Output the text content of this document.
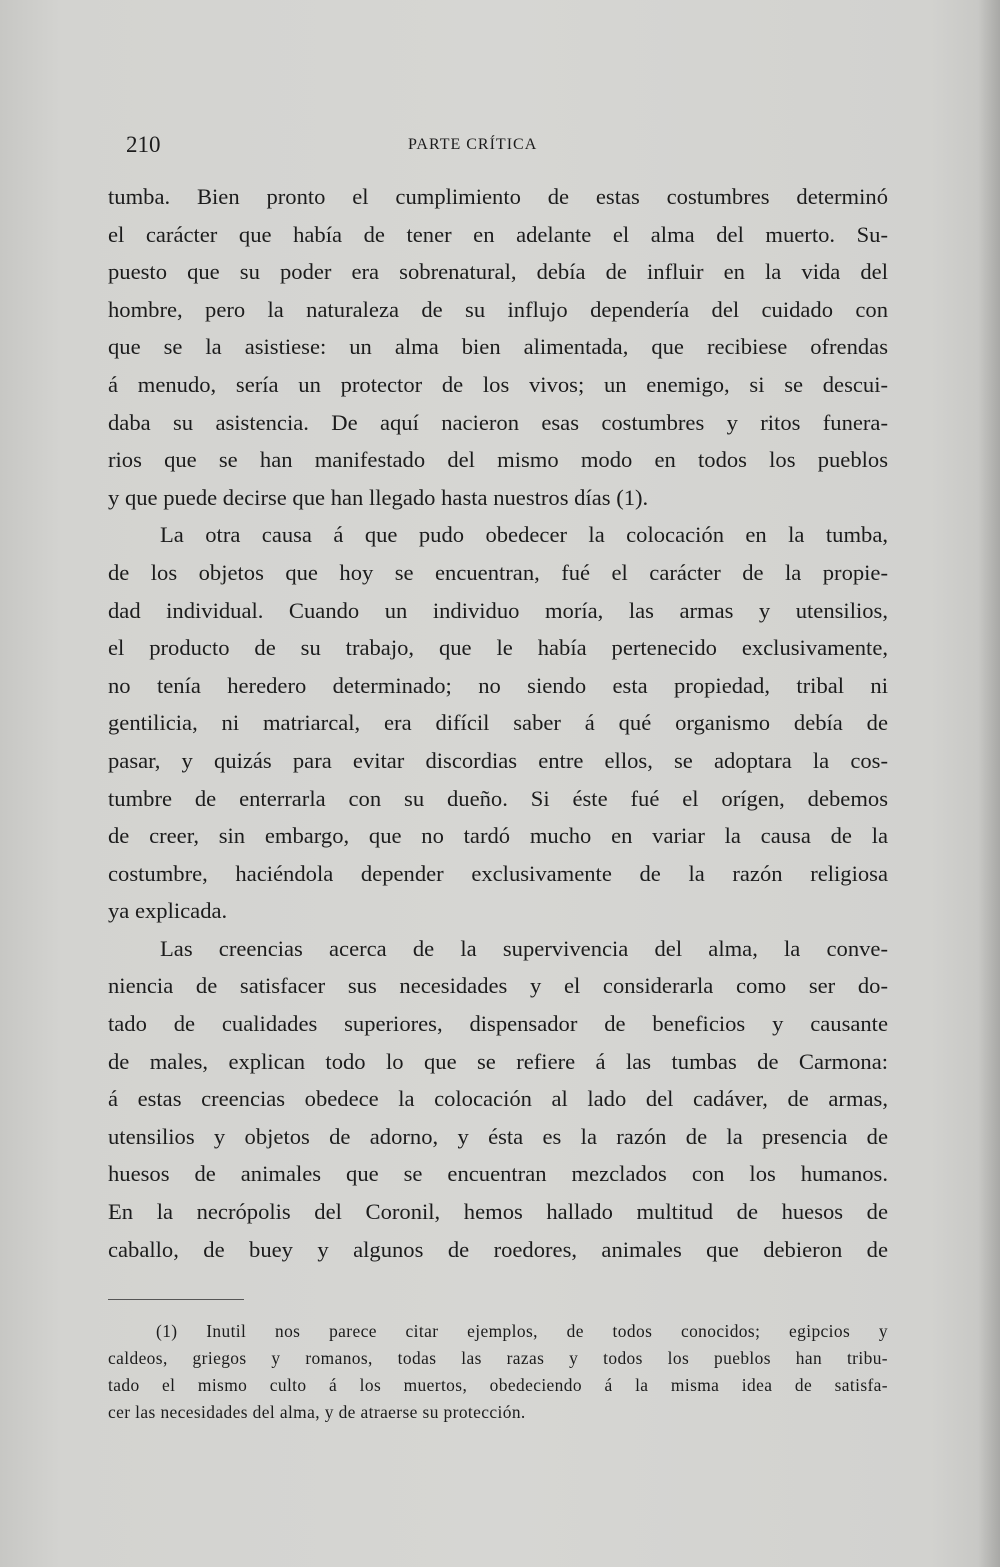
210	PARTE CRÍTICA
tumba. Bien pronto el cumplimiento de estas costumbres determinó
el carácter que había de tener en adelante el alma del muerto. Su-
puesto que su poder era sobrenatural, debía de influir en la vida del
hombre, pero la naturaleza de su influjo dependería del cuidado con
que se la asistiese: un alma bien alimentada, que recibiese ofrendas
á menudo, sería un protector de los vivos; un enemigo, si se descui-
daba su asistencia. De aquí nacieron esas costumbres y ritos funera-
rios que se han manifestado del mismo modo en todos los pueblos
y que puede decirse que han llegado hasta nuestros días (1).
La otra causa á que pudo obedecer la colocación en la tumba,
de los objetos que hoy se encuentran, fué el carácter de la propie-
dad individual. Cuando un individuo moría, las armas y utensilios,
el producto de su trabajo, que le había pertenecido exclusivamente,
no tenía heredero determinado; no siendo esta propiedad, tribal ni
gentilicia, ni matriarcal, era difícil saber á qué organismo debía de
pasar, y quizás para evitar discordias entre ellos, se adoptara la cos-
tumbre de enterrarla con su dueño. Si éste fué el orígen, debemos
de creer, sin embargo, que no tardó mucho en variar la causa de la
costumbre, haciéndola depender exclusivamente de la razón religiosa
ya explicada.
Las creencias acerca de la supervivencia del alma, la conve-
niencia de satisfacer sus necesidades y el considerarla como ser do-
tado de cualidades superiores, dispensador de beneficios y causante
de males, explican todo lo que se refiere á las tumbas de Carmona:
á estas creencias obedece la colocación al lado del cadáver, de armas,
utensilios y objetos de adorno, y ésta es la razón de la presencia de
huesos de animales que se encuentran mezclados con los humanos.
En la necrópolis del Coronil, hemos hallado multitud de huesos de
caballo, de buey y algunos de roedores, animales que debieron de
(1) Inutil nos parece citar ejemplos, de todos conocidos; egipcios y
caldeos, griegos y romanos, todas las razas y todos los pueblos han tribu-
tado el mismo culto á los muertos, obedeciendo á la misma idea de satisfa-
cer las necesidades del alma, y de atraerse su protección.
